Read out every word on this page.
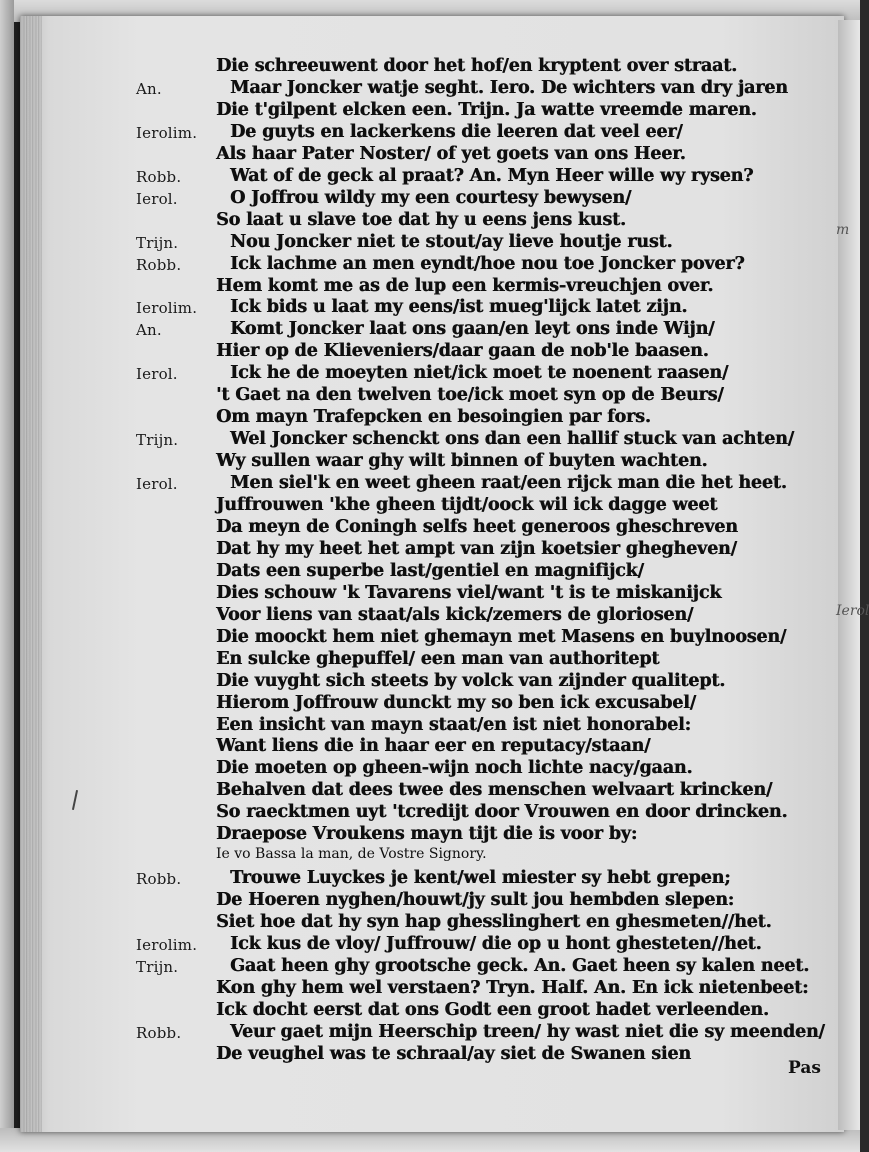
m
Ierol
Die schreeuwent door het hof/en kryptent over straat.
An.	Maar Joncker watje seght. Iero. De wichters van dry jaren
Die t'gilpent elcken een. Trijn. Ja watte vreemde maren.
Ierolim.	De guyts en lackerkens die leeren dat veel eer/
Als haar Pater Noster/ of yet goets van ons Heer.
Robb.	Wat of de geck al praat? An. Myn Heer wille wy rysen?
Ierol.	O Joffrou wildy my een courtesy bewysen/
So laat u slave toe dat hy u eens jens kust.
Trijn.	Nou Joncker niet te stout/ay lieve houtje rust.
Robb.	Ick lachme an men eyndt/hoe nou toe Joncker pover?
Hem komt me as de lup een kermis-vreuchjen over.
Ierolim.	Ick bids u laat my eens/ist mueg'lijck latet zijn.
An.	Komt Joncker laat ons gaan/en leyt ons inde Wijn/
Hier op de Klieveniers/daar gaan de nob'le baasen.
Ierol.	Ick he de moeyten niet/ick moet te noenent raasen/
't Gaet na den twelven toe/ick moet syn op de Beurs/
Om mayn Trafepcken en besoingien par fors.
Trijn.	Wel Joncker schenckt ons dan een hallif stuck van achten/
Wy sullen waar ghy wilt binnen of buyten wachten.
Ierol.	Men siel'k en weet gheen raat/een rijck man die het heet.
Juffrouwen 'khe gheen tijdt/oock wil ick dagge weet
Da meyn de Coningh selfs heet generoos gheschreven
Dat hy my heet het ampt van zijn koetsier ghegheven/
Dats een superbe last/gentiel en magnifijck/
Dies schouw 'k Tavarens viel/want 't is te miskanijck
Voor liens van staat/als kick/zemers de gloriosen/
Die moockt hem niet ghemayn met Masens en buylnoosen/
En sulcke ghepuffel/ een man van authoritept
Die vuyght sich steets by volck van zijnder qualitept.
Hierom Joffrouw dunckt my so ben ick excusabel/
Een insicht van mayn staat/en ist niet honorabel:
Want liens die in haar eer en reputacy/staan/
Die moeten op gheen-wijn noch lichte nacy/gaan.
Behalven dat dees twee des menschen welvaart krincken/
So raecktmen uyt 'tcredijt door Vrouwen en door drincken.
Draepose Vroukens mayn tijt die is voor by:
Ie vo Bassa la man, de Vostre Signory.
Robb.	Trouwe Luyckes je kent/wel miester sy hebt grepen;
De Hoeren nyghen/houwt/jy sult jou hembden slepen:
Siet hoe dat hy syn hap ghesslinghert en ghesmeten//het.
Ierolim.	Ick kus de vloy/ Juffrouw/ die op u hont ghesteten//het.
Trijn.	Gaat heen ghy grootsche geck. An. Gaet heen sy kalen neet.
Kon ghy hem wel verstaen? Tryn. Half. An. En ick nietenbeet:
Ick docht eerst dat ons Godt een groot hadet verleenden.
Robb.	Veur gaet mijn Heerschip treen/ hy wast niet die sy meenden/
De veughel was te schraal/ay siet de Swanen sien
Pas
